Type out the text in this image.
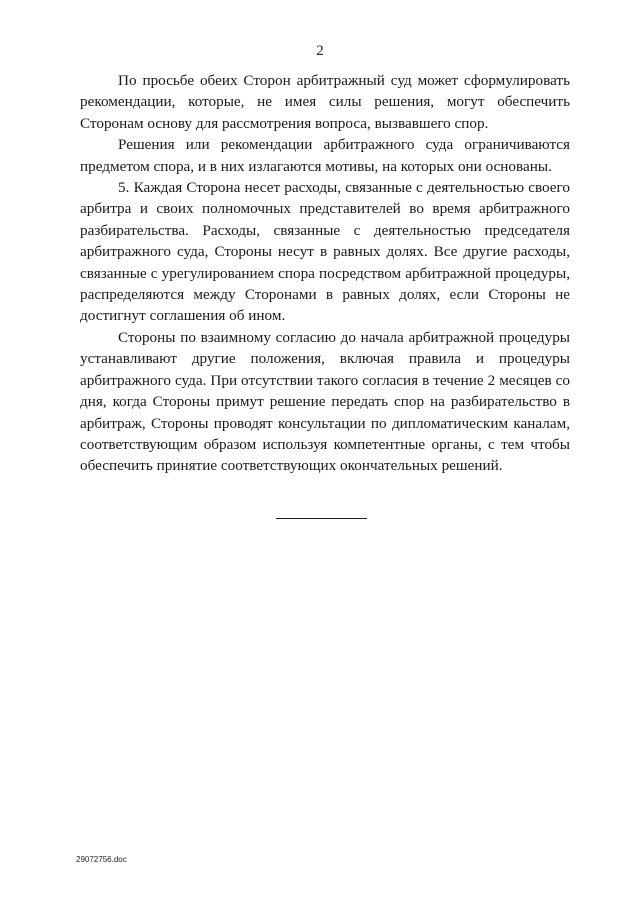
2

По просьбе обеих Сторон арбитражный суд может сформулировать рекомендации, которые, не имея силы решения, могут обеспечить Сторонам основу для рассмотрения вопроса, вызвавшего спор.

Решения или рекомендации арбитражного суда ограничиваются предметом спора, и в них излагаются мотивы, на которых они основаны.

5. Каждая Сторона несет расходы, связанные с деятельностью своего арбитра и своих полномочных представителей во время арбитражного разбирательства. Расходы, связанные с деятельностью председателя арбитражного суда, Стороны несут в равных долях. Все другие расходы, связанные с урегулированием спора посредством арбитражной процедуры, распределяются между Сторонами в равных долях, если Стороны не достигнут соглашения об ином.

Стороны по взаимному согласию до начала арбитражной процедуры устанавливают другие положения, включая правила и процедуры арбитражного суда. При отсутствии такого согласия в течение 2 месяцев со дня, когда Стороны примут решение передать спор на разбирательство в арбитраж, Стороны проводят консультации по дипломатическим каналам, соответствующим образом используя компетентные органы, с тем чтобы обеспечить принятие соответствующих окончательных решений.

29072756.doc
